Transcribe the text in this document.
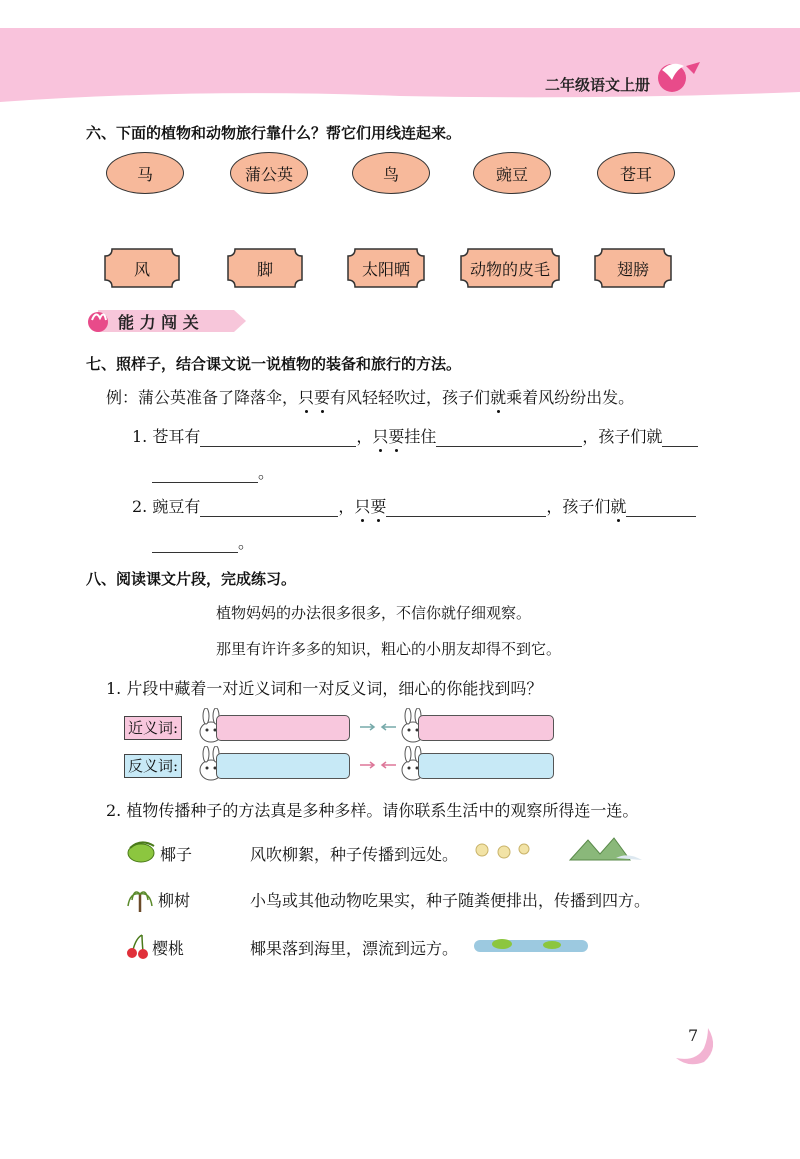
二年级语文上册
六、下面的植物和动物旅行靠什么？帮它们用线连起来。
马	蒲公英	鸟	豌豆	苍耳
风	脚	太阳晒	动物的皮毛	翅膀
能 力 闯 关
七、照样子，结合课文说一说植物的装备和旅行的方法。
例：蒲公英准备了降落伞，只要有风轻轻吹过，孩子们就乘着风纷纷出发。
1. 苍耳有	，只要挂住	，孩子们就
。
2. 豌豆有	，只要	，孩子们就
。
八、阅读课文片段，完成练习。
植物妈妈的办法很多很多，不信你就仔细观察。
那里有许许多多的知识，粗心的小朋友却得不到它。
1. 片段中藏着一对近义词和一对反义词，细心的你能找到吗？
近义词:
反义词:
2. 植物传播种子的方法真是多种多样。请你联系生活中的观察所得连一连。
椰子
柳树
樱桃
风吹柳絮，种子传播到远处。
小鸟或其他动物吃果实，种子随粪便排出，传播到四方。
椰果落到海里，漂流到远方。
7
